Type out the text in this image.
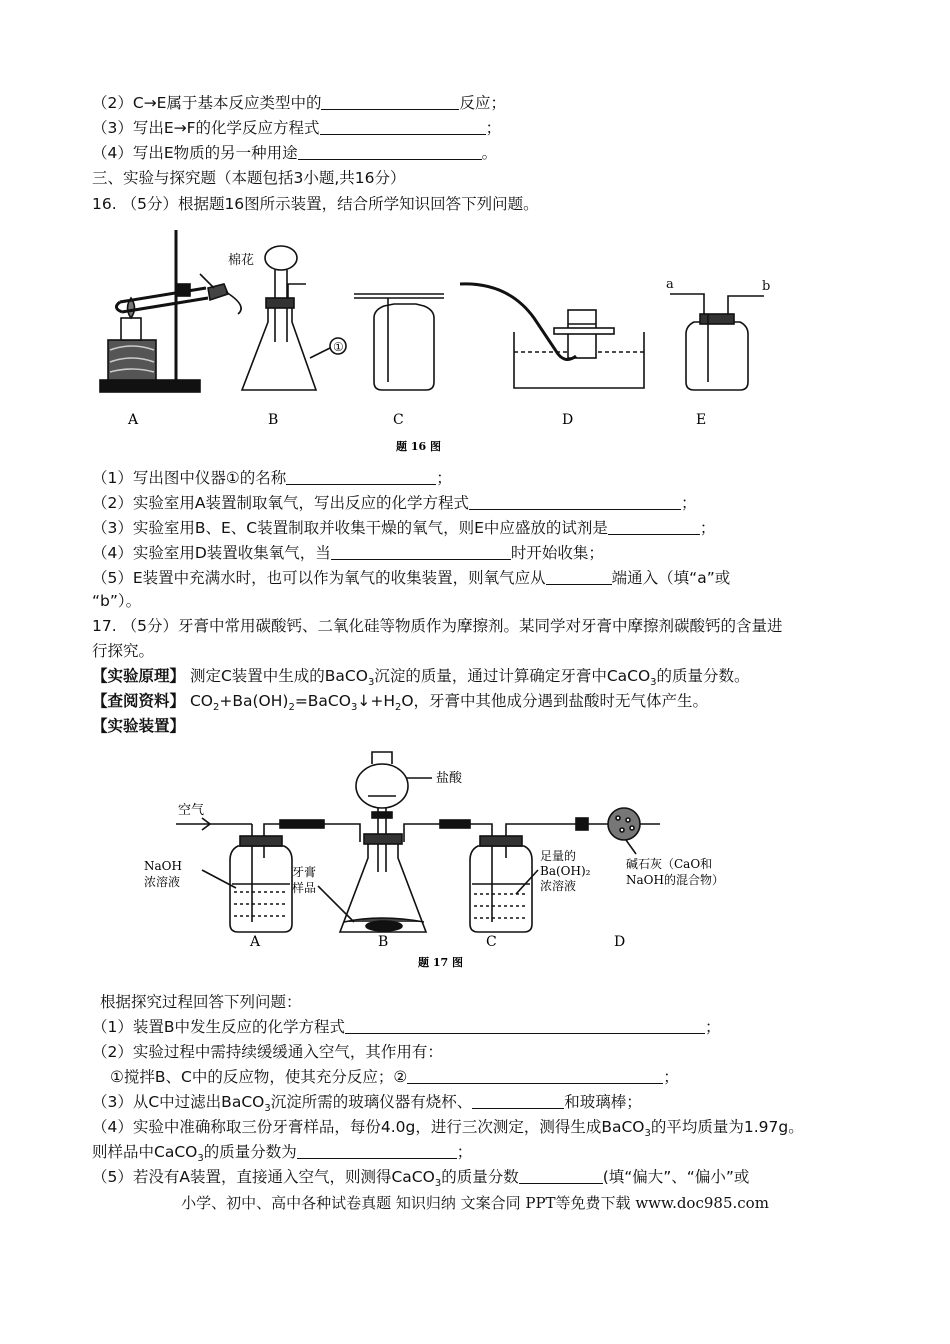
（2）C→E属于基本反应类型中的	反应；
（3）写出E→F的化学反应方程式	；
（4）写出E物质的另一种用途	。
三、实验与探究题（本题包括3小题,共16分）
16. （5分）根据题16图所示装置，结合所学知识回答下列问题。
棉花
①
a	b
A	B	C	D	E
题 16 图
（1）写出图中仪器①的名称	；
（2）实验室用A装置制取氧气，写出反应的化学方程式	；
（3）实验室用B、E、C装置制取并收集干燥的氧气，则E中应盛放的试剂是	；
（4）实验室用D装置收集氧气，当	时开始收集；
（5）E装置中充满水时，也可以作为氧气的收集装置，则氧气应从	端通入（填“a”或
“b”）。
17. （5分）牙膏中常用碳酸钙、二氧化硅等物质作为摩擦剂。某同学对牙膏中摩擦剂碳酸钙的含量进
行探究。
【实验原理】 测定C装置中生成的BaCO$_3$沉淀的质量，通过计算确定牙膏中CaCO$_3$的质量分数。
【查阅资料】 $CO_2+Ba(OH)_2=BaCO_3↓+H_2O$，牙膏中其他成分遇到盐酸时无气体产生。
【实验装置】
空气
盐酸
NaOH
浓溶液
牙膏
样品
足量的
Ba(OH)₂
浓溶液
碱石灰（CaO和
NaOH的混合物）
A	B	C	D
题 17 图
根据探究过程回答下列问题：
（1）装置B中发生反应的化学方程式	；
（2）实验过程中需持续缓缓通入空气，其作用有：
①搅拌B、C中的反应物，使其充分反应；②	；
（3）从C中过滤出BaCO$_3$沉淀所需的玻璃仪器有烧杯、	和玻璃棒；
（4）实验中准确称取三份牙膏样品，每份4.0g，进行三次测定，测得生成BaCO$_3$的平均质量为1.97g。
则样品中CaCO$_3$的质量分数为	；
（5）若没有A装置，直接通入空气，则测得CaCO$_3$的质量分数	(填“偏大”、“偏小”或
小学、初中、高中各种试卷真题 知识归纳 文案合同 PPT等免费下载 www.doc985.com
